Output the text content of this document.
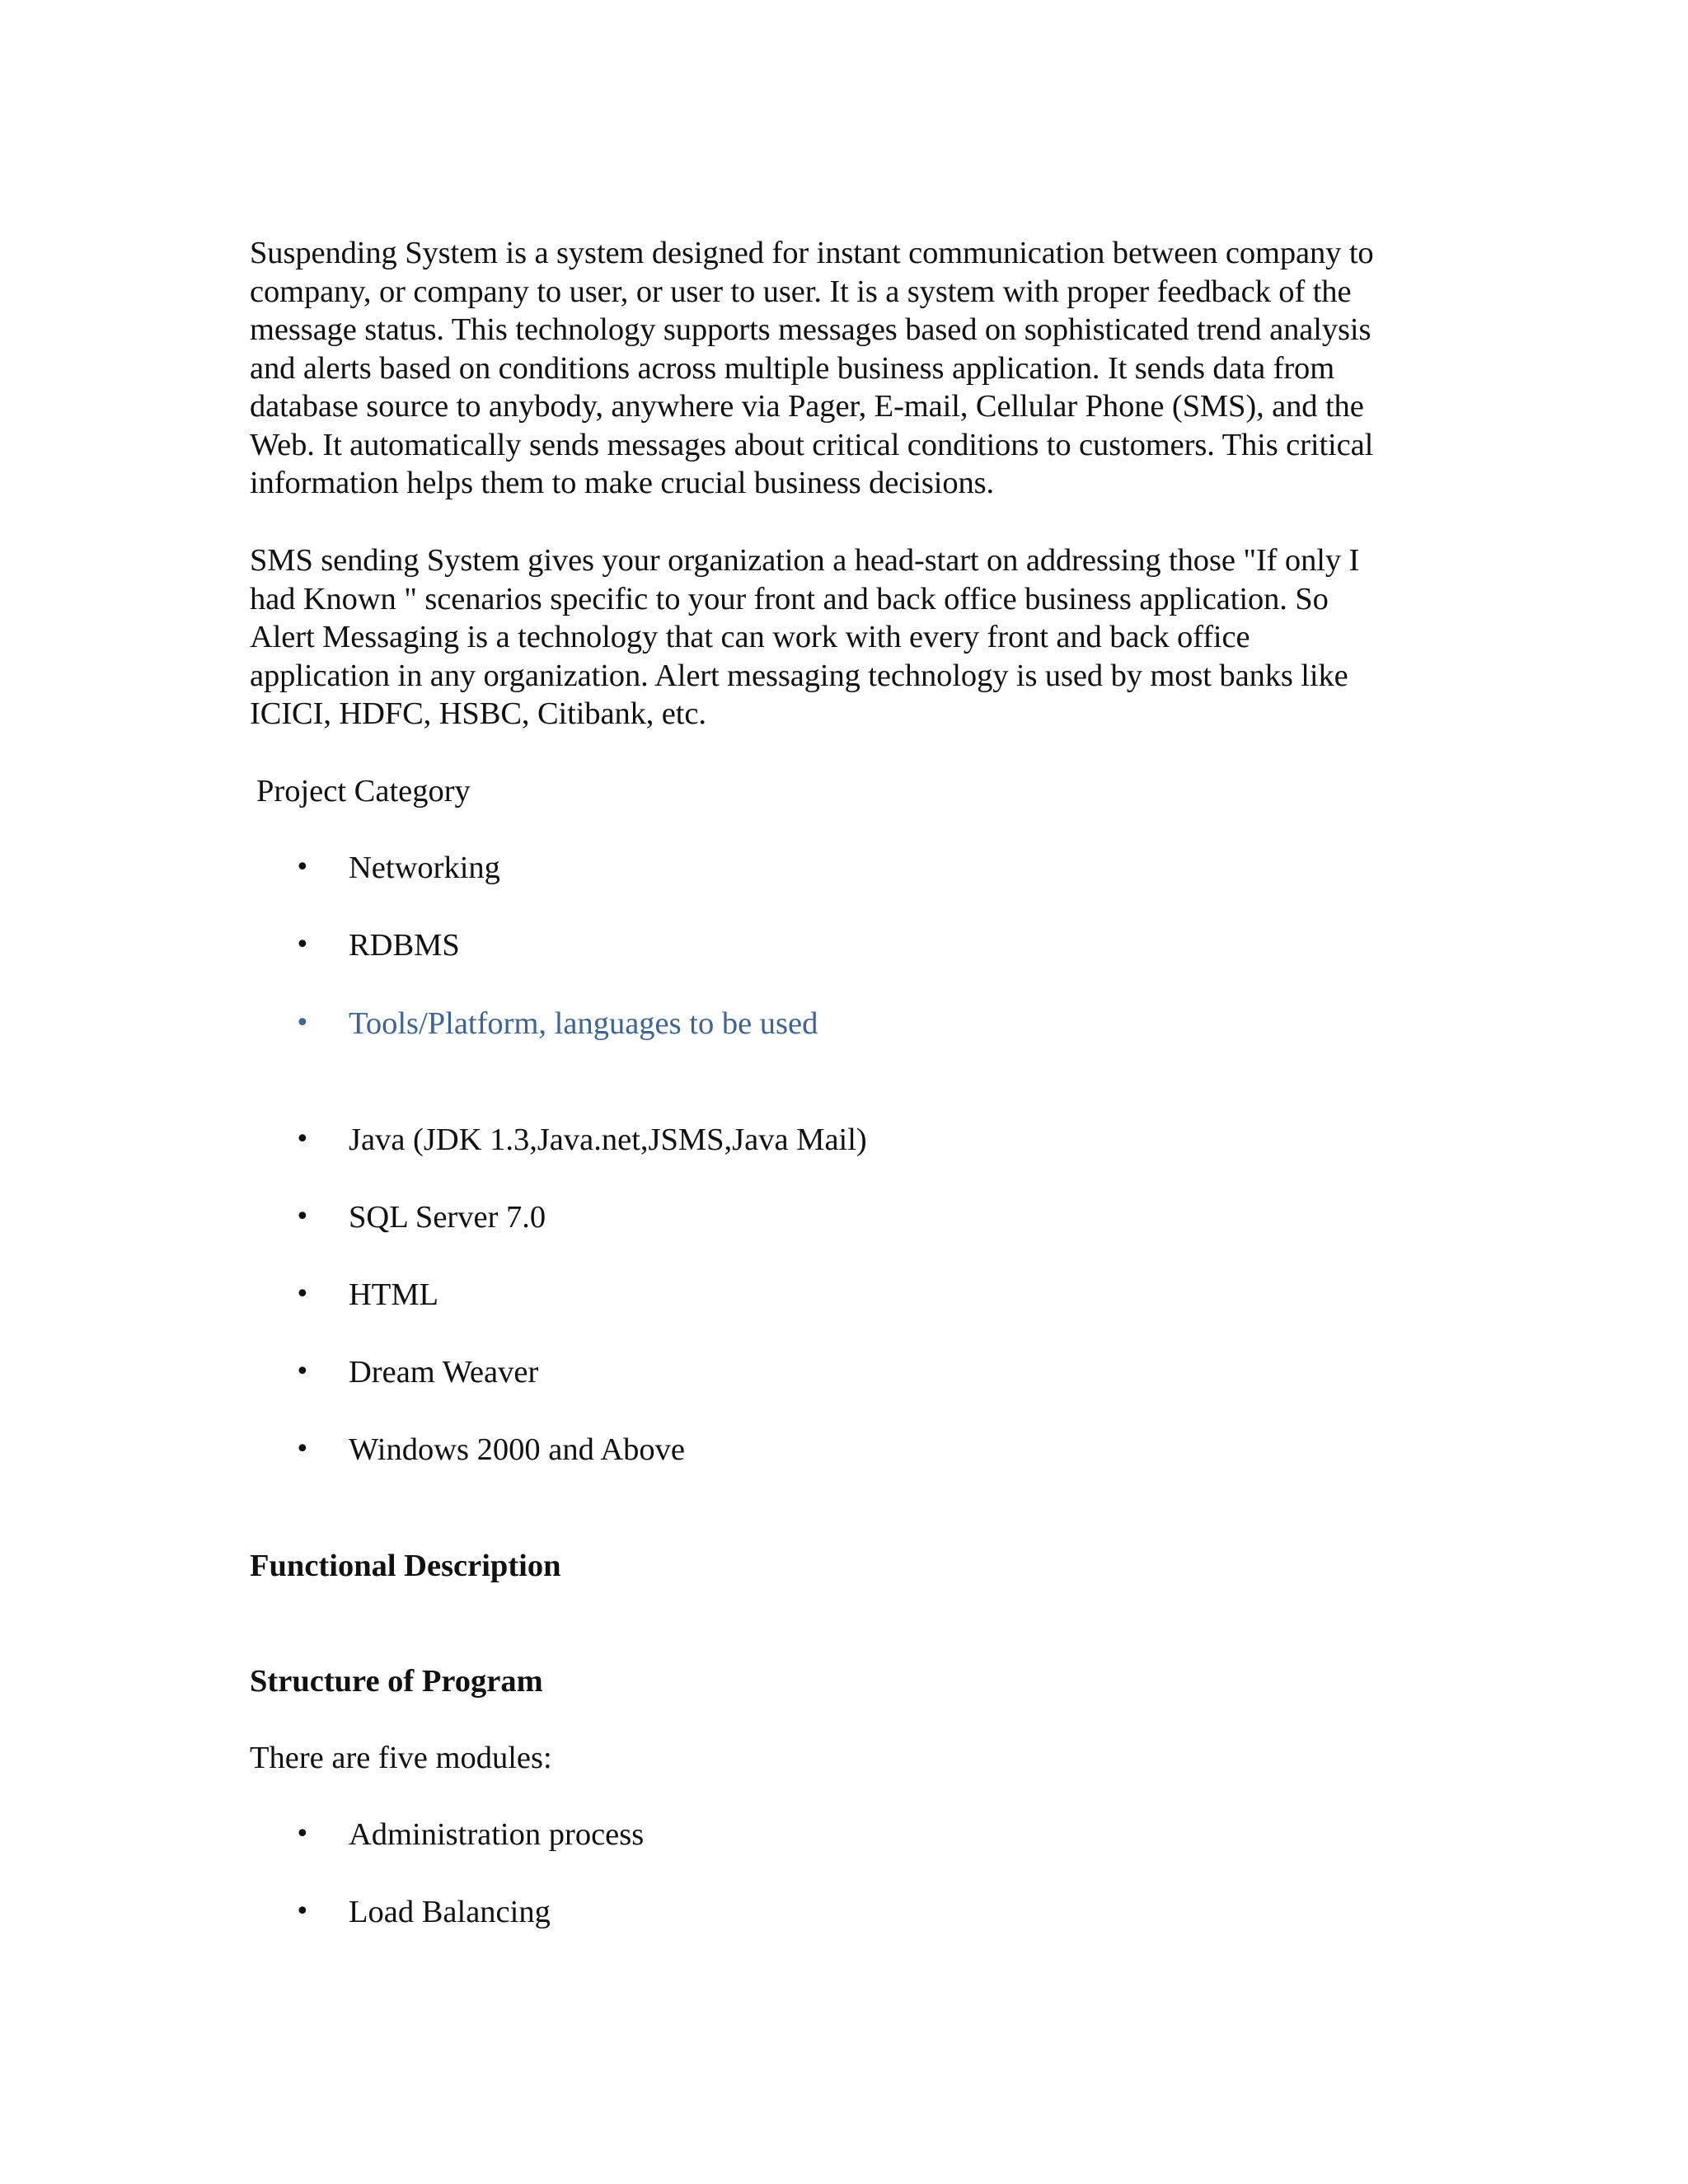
Suspending System is a system designed for instant communication between company to
company, or company to user, or user to user. It is a system with proper feedback of the
message status. This technology supports messages based on sophisticated trend analysis
and alerts based on conditions across multiple business application. It sends data from
database source to anybody, anywhere via Pager, E-mail, Cellular Phone (SMS), and the
Web. It automatically sends messages about critical conditions to customers. This critical
information helps them to make crucial business decisions.

SMS sending System gives your organization a head-start on addressing those "If only I
had Known " scenarios specific to your front and back office business application. So
Alert Messaging is a technology that can work with every front and back office
application in any organization. Alert messaging technology is used by most banks like
ICICI, HDFC, HSBC, Citibank, etc.

Project Category
• Networking
• RDBMS
• Tools/Platform, languages to be used
• Java (JDK 1.3,Java.net,JSMS,Java Mail)
• SQL Server 7.0
• HTML
• Dream Weaver
• Windows 2000 and Above
Functional Description
Structure of Program
There are five modules:
• Administration process
• Load Balancing
